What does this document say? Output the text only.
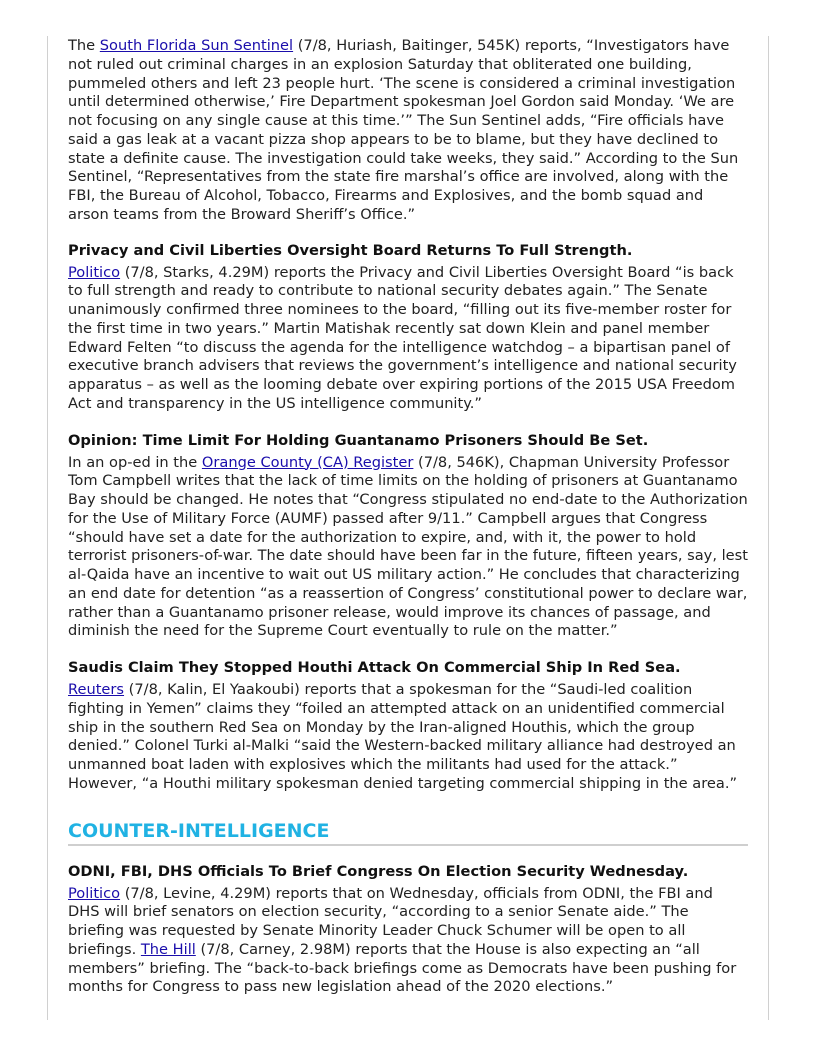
The South Florida Sun Sentinel (7/8, Huriash, Baitinger, 545K) reports, “Investigators have not ruled out criminal charges in an explosion Saturday that obliterated one building, pummeled others and left 23 people hurt. ‘The scene is considered a criminal investigation until determined otherwise,’ Fire Department spokesman Joel Gordon said Monday. ‘We are not focusing on any single cause at this time.’” The Sun Sentinel adds, “Fire officials have said a gas leak at a vacant pizza shop appears to be to blame, but they have declined to state a definite cause. The investigation could take weeks, they said.” According to the Sun Sentinel, “Representatives from the state fire marshal’s office are involved, along with the FBI, the Bureau of Alcohol, Tobacco, Firearms and Explosives, and the bomb squad and arson teams from the Broward Sheriff’s Office.”

Privacy and Civil Liberties Oversight Board Returns To Full Strength.

Politico (7/8, Starks, 4.29M) reports the Privacy and Civil Liberties Oversight Board “is back to full strength and ready to contribute to national security debates again.” The Senate unanimously confirmed three nominees to the board, “filling out its five-member roster for the first time in two years.” Martin Matishak recently sat down Klein and panel member Edward Felten “to discuss the agenda for the intelligence watchdog – a bipartisan panel of executive branch advisers that reviews the government’s intelligence and national security apparatus – as well as the looming debate over expiring portions of the 2015 USA Freedom Act and transparency in the US intelligence community.”

Opinion: Time Limit For Holding Guantanamo Prisoners Should Be Set.

In an op-ed in the Orange County (CA) Register (7/8, 546K), Chapman University Professor Tom Campbell writes that the lack of time limits on the holding of prisoners at Guantanamo Bay should be changed. He notes that “Congress stipulated no end-date to the Authorization for the Use of Military Force (AUMF) passed after 9/11.” Campbell argues that Congress “should have set a date for the authorization to expire, and, with it, the power to hold terrorist prisoners-of-war. The date should have been far in the future, fifteen years, say, lest al-Qaida have an incentive to wait out US military action.” He concludes that characterizing an end date for detention “as a reassertion of Congress’ constitutional power to declare war, rather than a Guantanamo prisoner release, would improve its chances of passage, and diminish the need for the Supreme Court eventually to rule on the matter.”

Saudis Claim They Stopped Houthi Attack On Commercial Ship In Red Sea.

Reuters (7/8, Kalin, El Yaakoubi) reports that a spokesman for the “Saudi-led coalition fighting in Yemen” claims they “foiled an attempted attack on an unidentified commercial ship in the southern Red Sea on Monday by the Iran-aligned Houthis, which the group denied.” Colonel Turki al-Malki “said the Western-backed military alliance had destroyed an unmanned boat laden with explosives which the militants had used for the attack.” However, “a Houthi military spokesman denied targeting commercial shipping in the area.”

COUNTER-INTELLIGENCE
ODNI, FBI, DHS Officials To Brief Congress On Election Security Wednesday.

Politico (7/8, Levine, 4.29M) reports that on Wednesday, officials from ODNI, the FBI and DHS will brief senators on election security, “according to a senior Senate aide.” The briefing was requested by Senate Minority Leader Chuck Schumer will be open to all briefings. The Hill (7/8, Carney, 2.98M) reports that the House is also expecting an “all members” briefing. The “back-to-back briefings come as Democrats have been pushing for months for Congress to pass new legislation ahead of the 2020 elections.”
